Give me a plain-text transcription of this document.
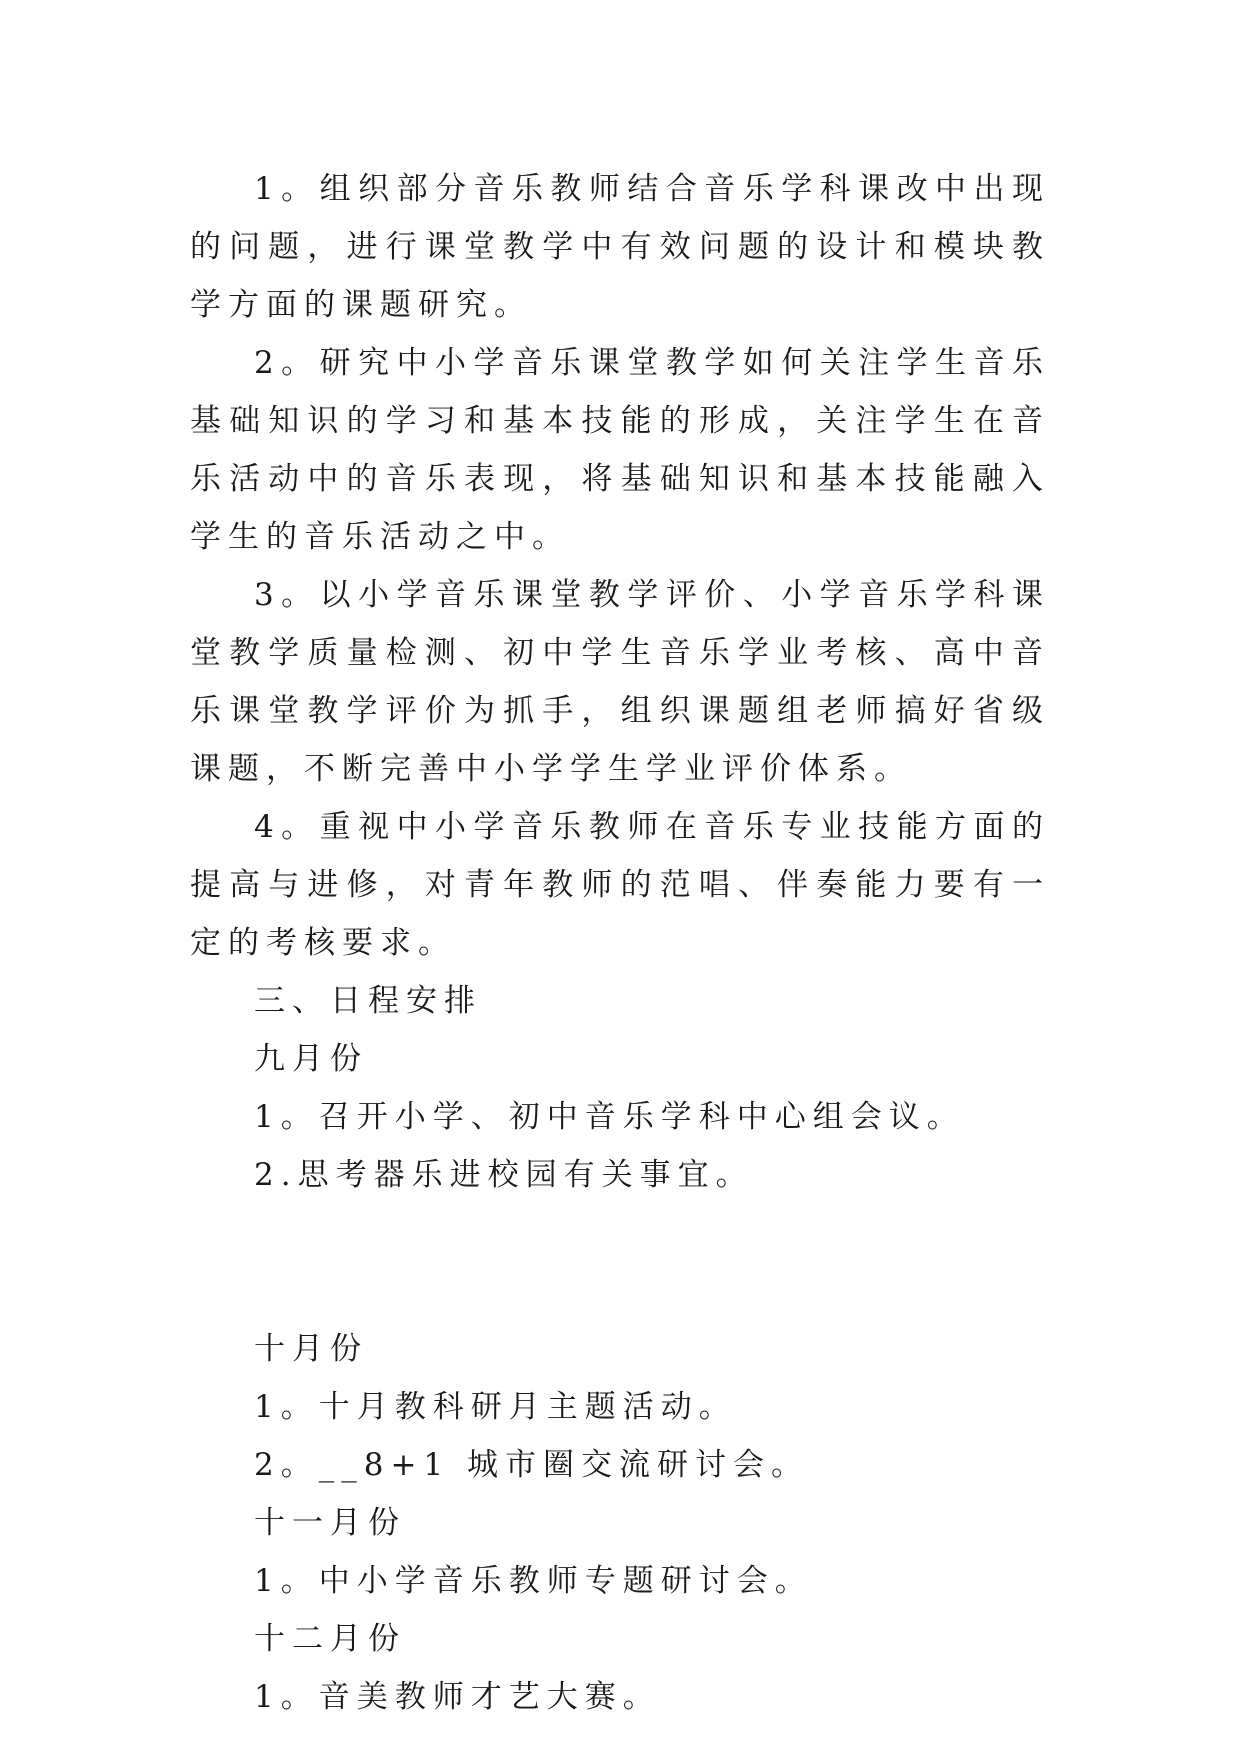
1。组织部分音乐教师结合音乐学科课改中出现的问题，进行课堂教学中有效问题的设计和模块教学方面的课题研究。

2。研究中小学音乐课堂教学如何关注学生音乐基础知识的学习和基本技能的形成，关注学生在音乐活动中的音乐表现，将基础知识和基本技能融入学生的音乐活动之中。

3。以小学音乐课堂教学评价、小学音乐学科课堂教学质量检测、初中学生音乐学业考核、高中音乐课堂教学评价为抓手，组织课题组老师搞好省级课题，不断完善中小学学生学业评价体系。

4。重视中小学音乐教师在音乐专业技能方面的提高与进修，对青年教师的范唱、伴奏能力要有一定的考核要求。

三、日程安排

九月份

1。召开小学、初中音乐学科中心组会议。

2.思考器乐进校园有关事宜。

十月份

1。十月教科研月主题活动。

2。__8+1 城市圈交流研讨会。

十一月份

1。中小学音乐教师专题研讨会。

十二月份

1。音美教师才艺大赛。
